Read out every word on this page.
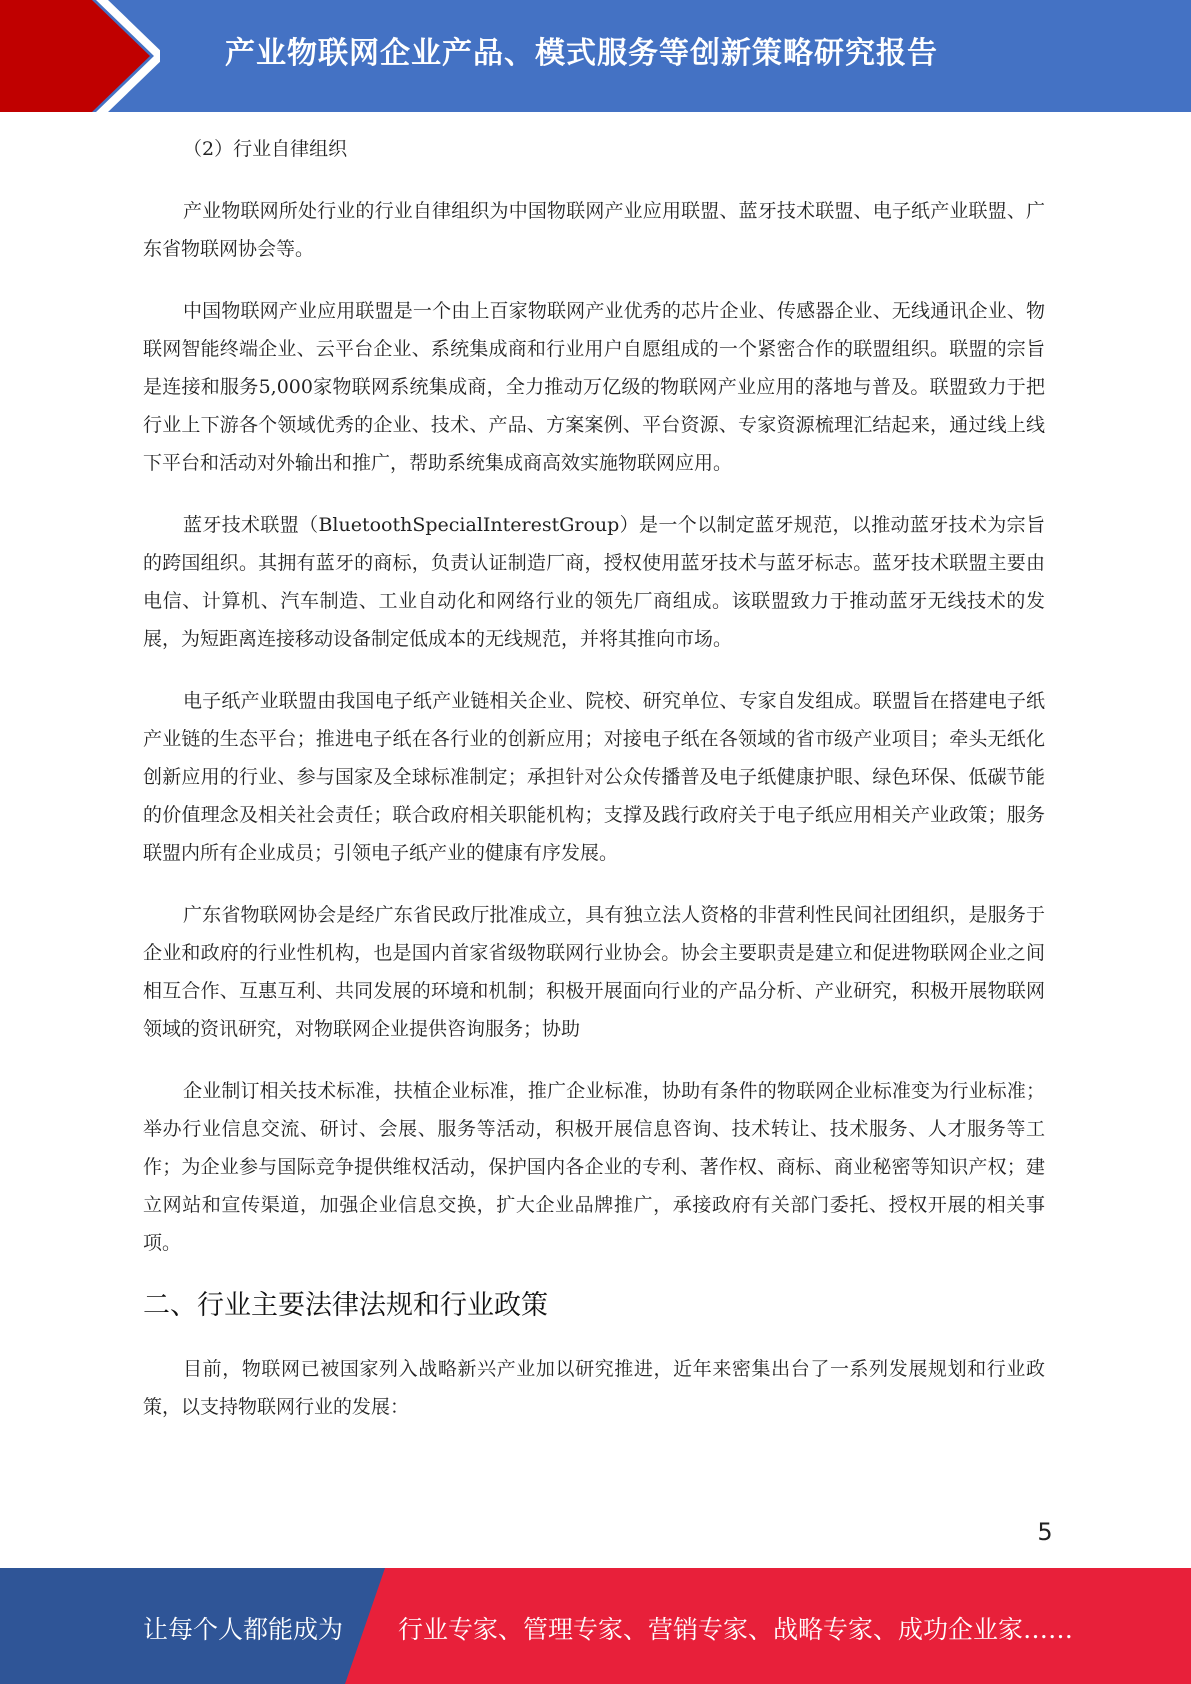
产业物联网企业产品、模式服务等创新策略研究报告
（2）行业自律组织

产业物联网所处行业的行业自律组织为中国物联网产业应用联盟、蓝牙技术联盟、电子纸产业联盟、广东省物联网协会等。

中国物联网产业应用联盟是一个由上百家物联网产业优秀的芯片企业、传感器企业、无线通讯企业、物联网智能终端企业、云平台企业、系统集成商和行业用户自愿组成的一个紧密合作的联盟组织。联盟的宗旨是连接和服务5,000家物联网系统集成商，全力推动万亿级的物联网产业应用的落地与普及。联盟致力于把行业上下游各个领域优秀的企业、技术、产品、方案案例、平台资源、专家资源梳理汇结起来，通过线上线下平台和活动对外输出和推广，帮助系统集成商高效实施物联网应用。

蓝牙技术联盟（BluetoothSpecialInterestGroup）是一个以制定蓝牙规范，以推动蓝牙技术为宗旨的跨国组织。其拥有蓝牙的商标，负责认证制造厂商，授权使用蓝牙技术与蓝牙标志。蓝牙技术联盟主要由电信、计算机、汽车制造、工业自动化和网络行业的领先厂商组成。该联盟致力于推动蓝牙无线技术的发展，为短距离连接移动设备制定低成本的无线规范，并将其推向市场。

电子纸产业联盟由我国电子纸产业链相关企业、院校、研究单位、专家自发组成。联盟旨在搭建电子纸产业链的生态平台；推进电子纸在各行业的创新应用；对接电子纸在各领域的省市级产业项目；牵头无纸化创新应用的行业、参与国家及全球标准制定；承担针对公众传播普及电子纸健康护眼、绿色环保、低碳节能的价值理念及相关社会责任；联合政府相关职能机构；支撑及践行政府关于电子纸应用相关产业政策；服务联盟内所有企业成员；引领电子纸产业的健康有序发展。

广东省物联网协会是经广东省民政厅批准成立，具有独立法人资格的非营利性民间社团组织，是服务于企业和政府的行业性机构，也是国内首家省级物联网行业协会。协会主要职责是建立和促进物联网企业之间相互合作、互惠互利、共同发展的环境和机制；积极开展面向行业的产品分析、产业研究，积极开展物联网领域的资讯研究，对物联网企业提供咨询服务；协助

企业制订相关技术标准，扶植企业标准，推广企业标准，协助有条件的物联网企业标准变为行业标准；举办行业信息交流、研讨、会展、服务等活动，积极开展信息咨询、技术转让、技术服务、人才服务等工作；为企业参与国际竞争提供维权活动，保护国内各企业的专利、著作权、商标、商业秘密等知识产权；建立网站和宣传渠道，加强企业信息交换，扩大企业品牌推广，承接政府有关部门委托、授权开展的相关事项。

二、行业主要法律法规和行业政策

目前，物联网已被国家列入战略新兴产业加以研究推进，近年来密集出台了一系列发展规划和行业政策，以支持物联网行业的发展：

5
让每个人都能成为 行业专家、管理专家、营销专家、战略专家、成功企业家……
